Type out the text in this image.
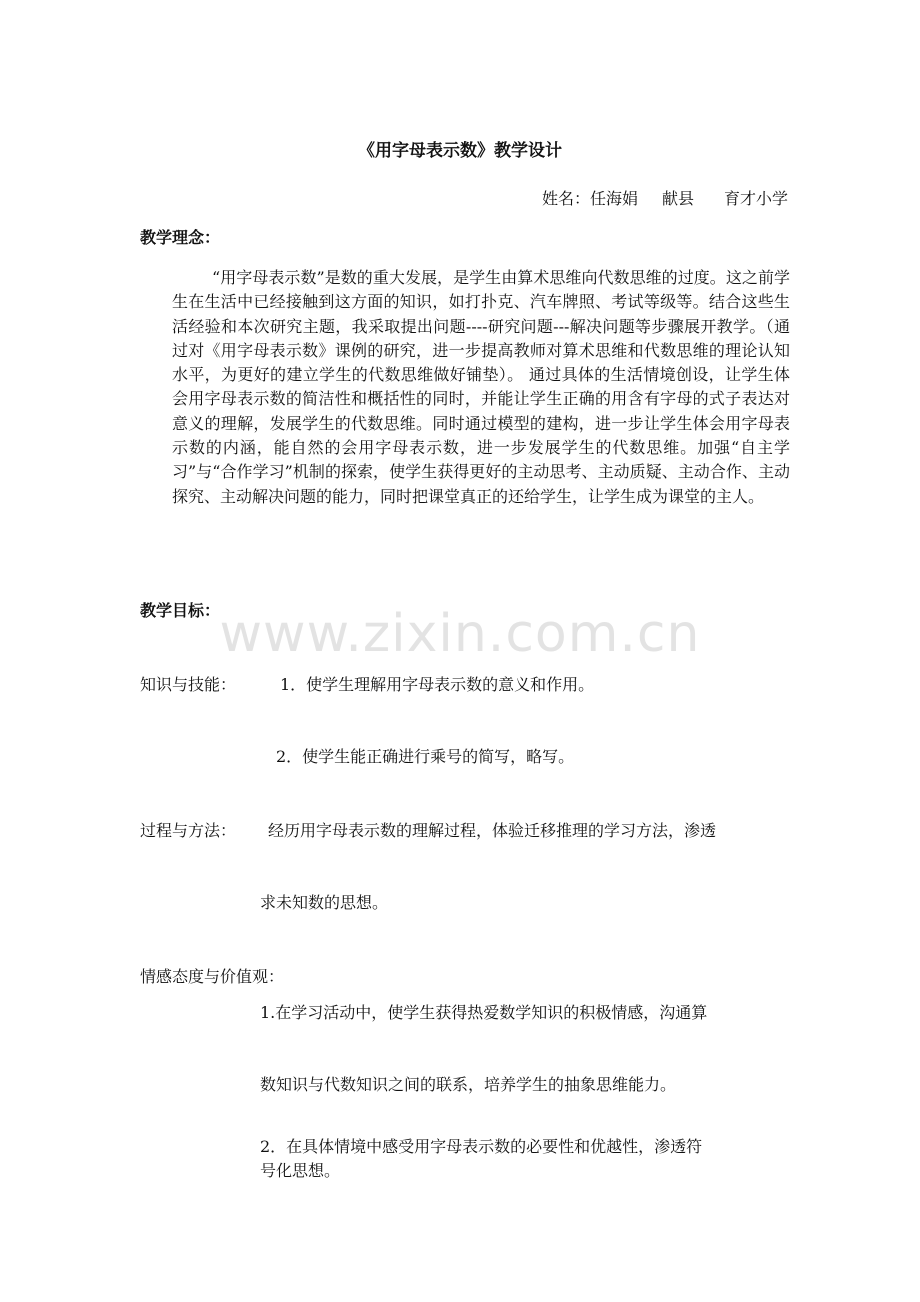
《用字母表示数》教学设计
姓名：任海娟 献县 育才小学
教学理念：
“用字母表示数”是数的重大发展，是学生由算术思维向代数思维的过度。这之前学生在生活中已经接触到这方面的知识，如打扑克、汽车牌照、考试等级等。结合这些生活经验和本次研究主题，我采取提出问题----研究问题---解决问题等步骤展开教学。（通过对《用字母表示数》课例的研究，进一步提高教师对算术思维和代数思维的理论认知水平，为更好的建立学生的代数思维做好铺垫）。 通过具体的生活情境创设，让学生体会用字母表示数的简洁性和概括性的同时，并能让学生正确的用含有字母的式子表达对意义的理解，发展学生的代数思维。同时通过模型的建构，进一步让学生体会用字母表示数的内涵，能自然的会用字母表示数，进一步发展学生的代数思维。加强“自主学习”与“合作学习”机制的探索，使学生获得更好的主动思考、主动质疑、主动合作、主动探究、主动解决问题的能力，同时把课堂真正的还给学生，让学生成为课堂的主人。
教学目标： www.zixin.com.cn
知识与技能：	1．使学生理解用字母表示数的意义和作用。
2．使学生能正确进行乘号的简写，略写。
过程与方法： 经历用字母表示数的理解过程，体验迁移推理的学习方法，渗透
求未知数的思想。
情感态度与价值观：
1.在学习活动中，使学生获得热爱数学知识的积极情感，沟通算
数知识与代数知识之间的联系，培养学生的抽象思维能力。
2．在具体情境中感受用字母表示数的必要性和优越性，渗透符
号化思想。
